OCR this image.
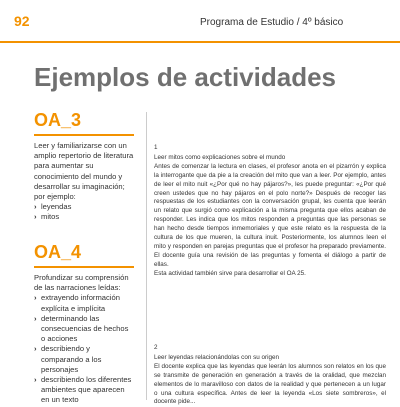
92	Programa de Estudio / 4º básico
Ejemplos de actividades
OA_3
Leer y familiarizarse con un amplio repertorio de literatura para aumentar su conocimiento del mundo y desarrollar su imaginación; por ejemplo:
› leyendas
› mitos
OA_4
Profundizar su comprensión de las narraciones leídas:
› extrayendo información explícita e implícita
› determinando las consecuencias de hechos o acciones
› describiendo y comparando a los personajes
› describiendo los diferentes ambientes que aparecen en un texto
1
Leer mitos como explicaciones sobre el mundo

Antes de comenzar la lectura en clases, el profesor anota en el pizarrón y explica la interrogante que da pie a la creación del mito que van a leer. Por ejemplo, antes de leer el mito nuit «¿Por qué no hay pájaros?», les puede preguntar: «¿Por qué creen ustedes que no hay pájaros en el polo norte?» Después de recoger las respuestas de los estudiantes con la conversación grupal, les cuenta que leerán un relato que surgió como explicación a la misma pregunta que ellos acaban de responder. Les indica que los mitos responden a preguntas que las personas se han hecho desde tiempos inmemoriales y que este relato es la respuesta de la cultura de los que mueren, la cultura inuit. Posteriormente, los alumnos leen el mito y responden en parejas preguntas que el profesor ha preparado previamente. El docente guía una revisión de las preguntas y fomenta el diálogo a partir de ellas.

Esta actividad también sirve para desarrollar el OA 25.

2
Leer leyendas relacionándolas con su origen

El docente explica que las leyendas que leerán los alumnos son relatos en los que se transmite de generación en generación a través de la oralidad, que mezclan elementos de lo maravilloso con datos de la realidad y que pertenecen a un lugar o una cultura específica. Antes de leer la leyenda «Los siete sombreros», el docente pide...
